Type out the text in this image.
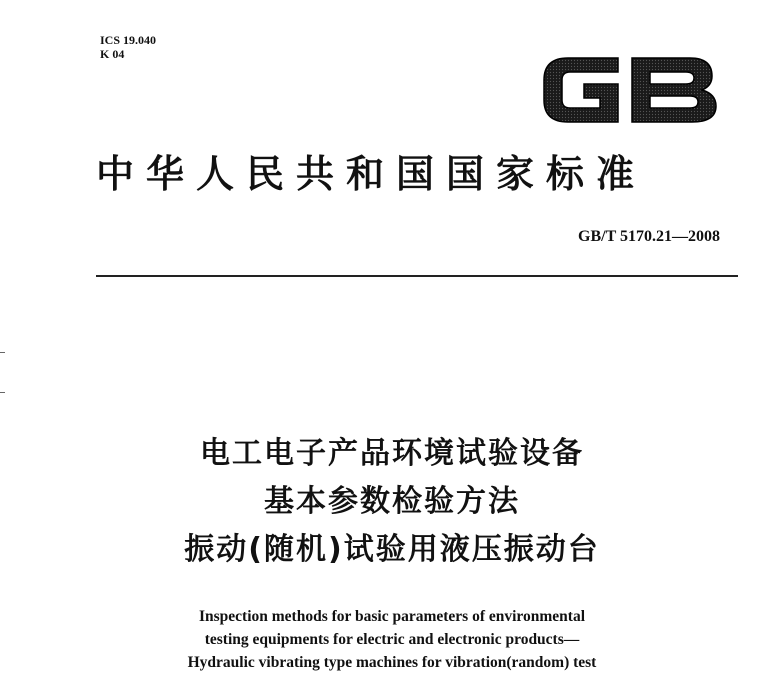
ICS 19.040
K 04
中华人民共和国国家标准
GB/T 5170.21—2008
电工电子产品环境试验设备
基本参数检验方法
振动(随机)试验用液压振动台
Inspection methods for basic parameters of environmental
testing equipments for electric and electronic products—
Hydraulic vibrating type machines for vibration(random) test
